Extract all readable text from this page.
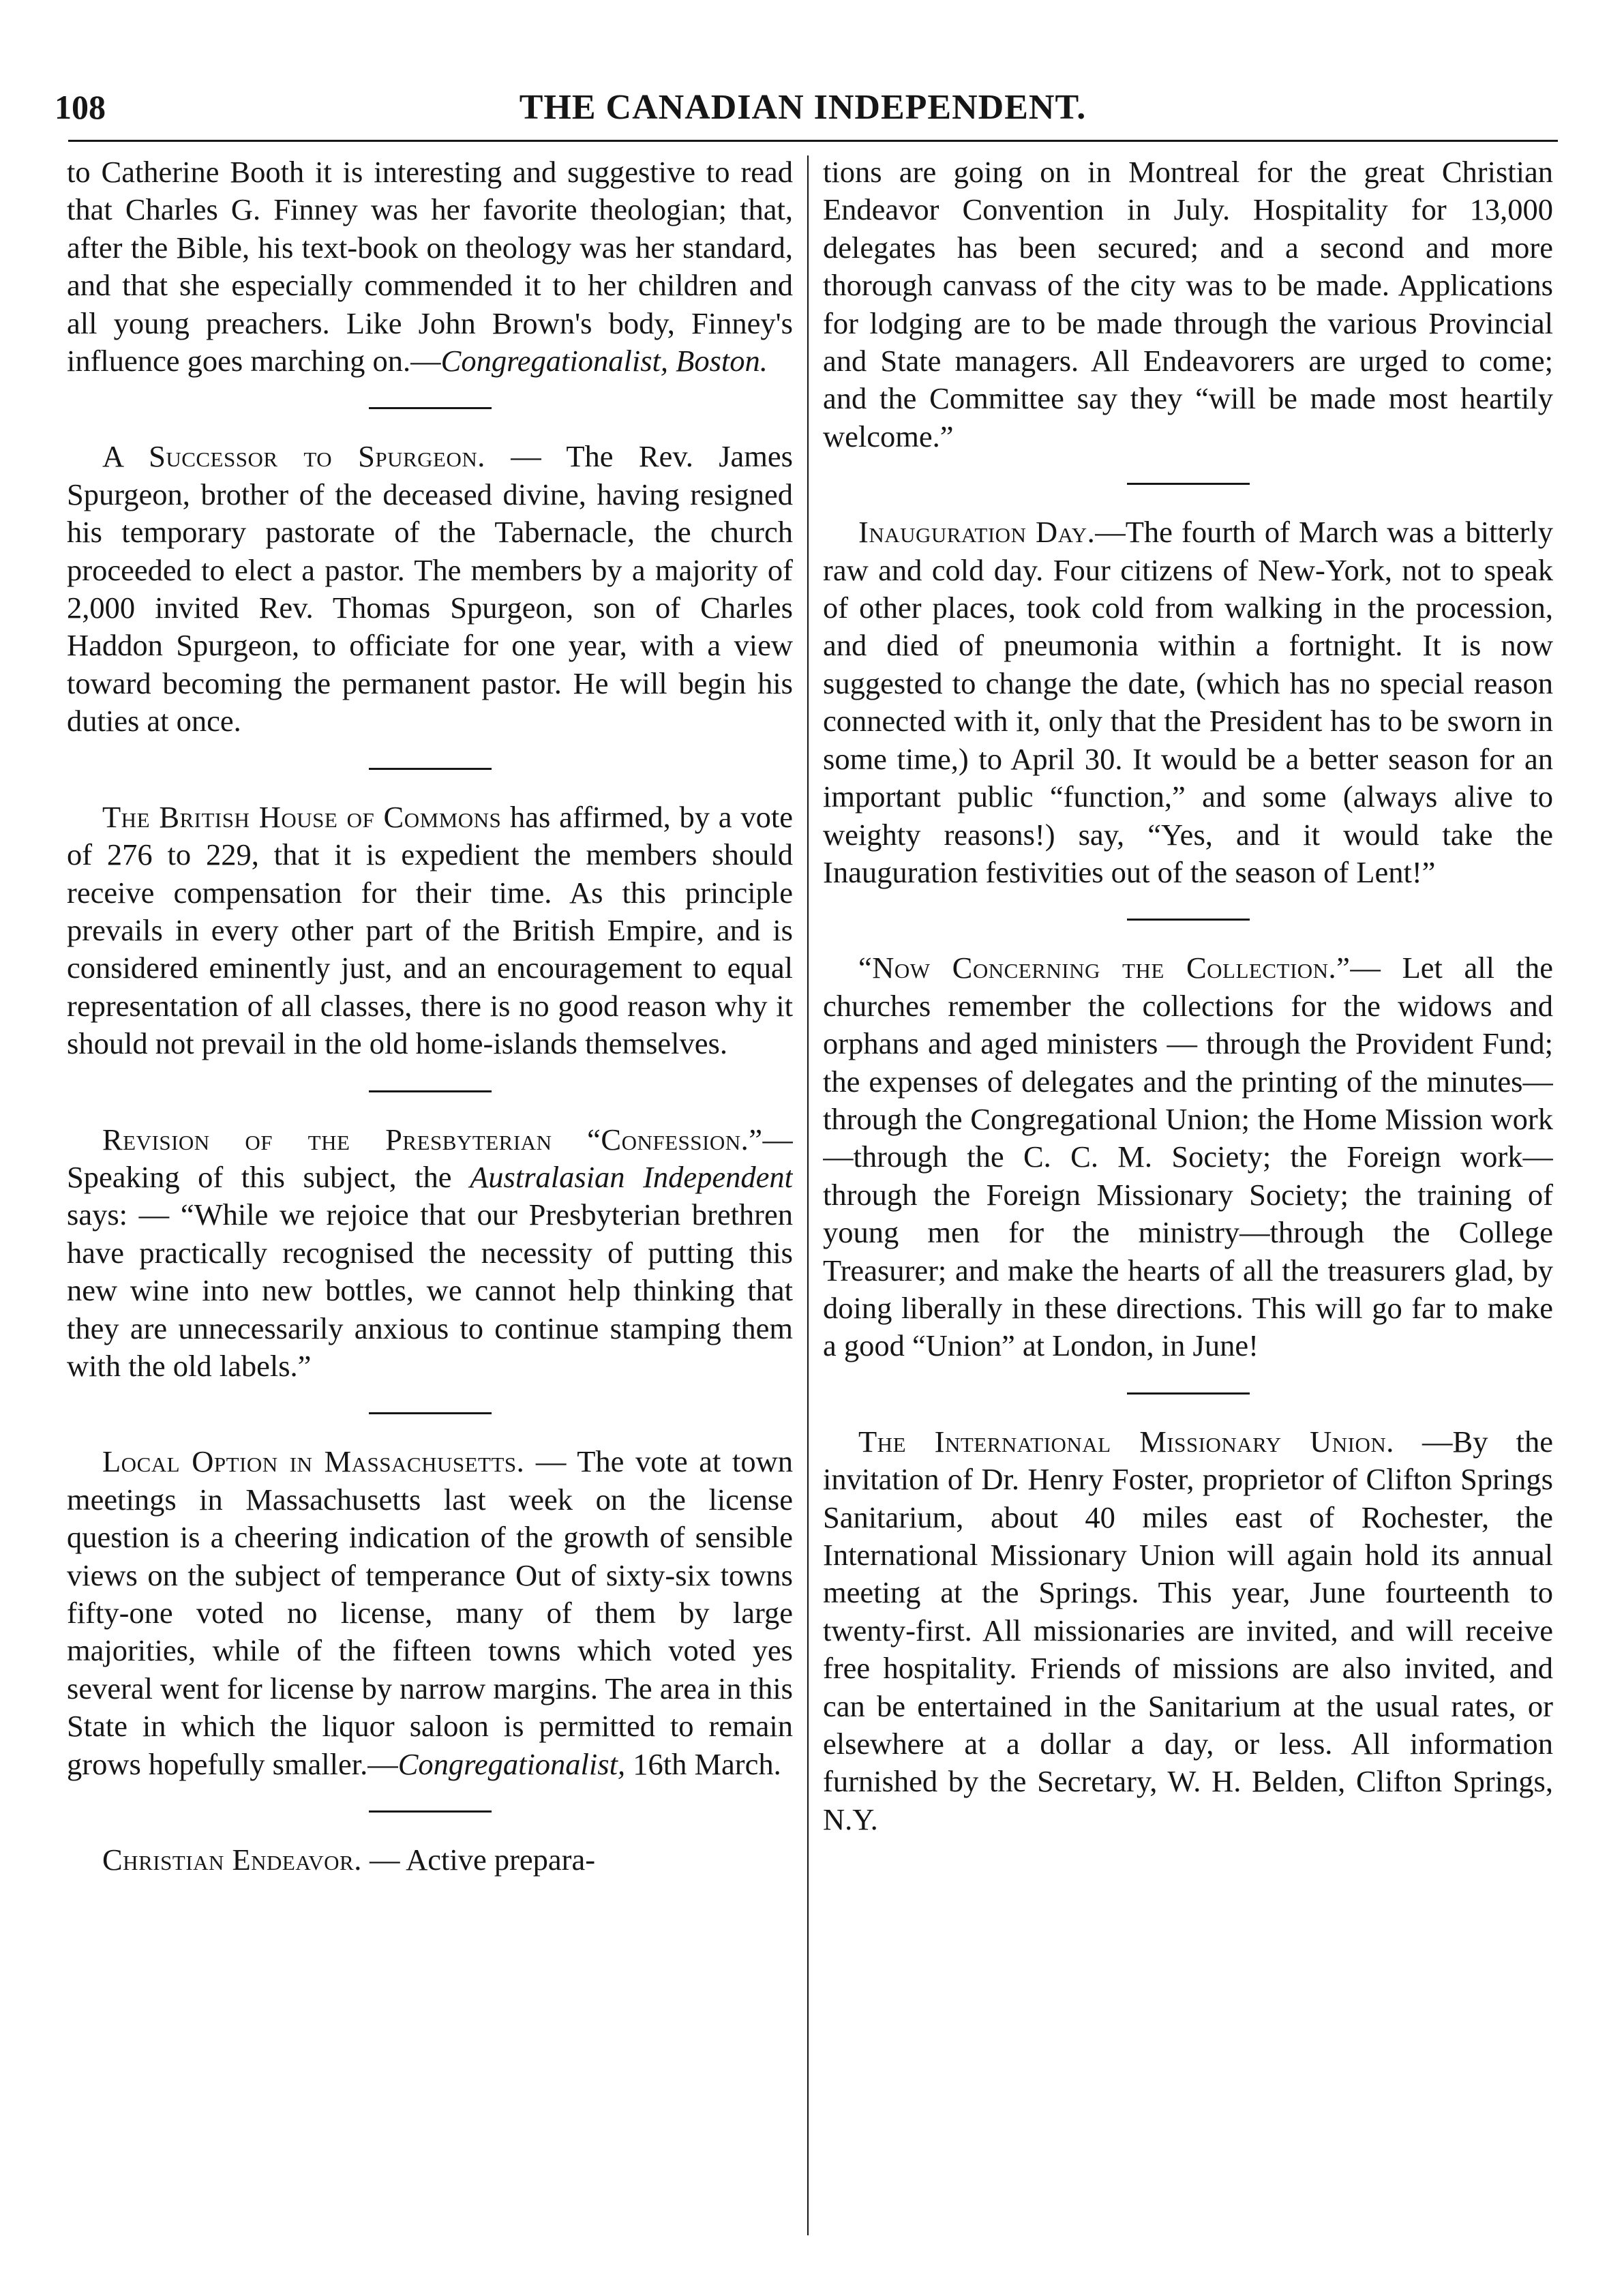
108	THE CANADIAN INDEPENDENT.

to Catherine Booth it is interesting and suggestive to read that Charles G. Finney was her favorite theologian; that, after the Bible, his text-book on theology was her standard, and that she especially commended it to her children and all young preachers. Like John Brown's body, Finney's influence goes marching on.—Congregationalist, Boston.

A Successor to Spurgeon. — The Rev. James Spurgeon, brother of the deceased divine, having resigned his temporary pastorate of the Tabernacle, the church proceeded to elect a pastor. The members by a majority of 2,000 invited Rev. Thomas Spurgeon, son of Charles Haddon Spurgeon, to officiate for one year, with a view toward becoming the permanent pastor. He will begin his duties at once.

The British House of Commons has affirmed, by a vote of 276 to 229, that it is expedient the members should receive compensation for their time. As this principle prevails in every other part of the British Empire, and is considered eminently just, and an encouragement to equal representation of all classes, there is no good reason why it should not prevail in the old home-islands themselves.

Revision of the Presbyterian “Confession.”—Speaking of this subject, the Australasian Independent says: — “While we rejoice that our Presbyterian brethren have practically recognised the necessity of putting this new wine into new bottles, we cannot help thinking that they are unnecessarily anxious to continue stamping them with the old labels.”

Local Option in Massachusetts. — The vote at town meetings in Massachusetts last week on the license question is a cheering indication of the growth of sensible views on the subject of temperance Out of sixty-six towns fifty-one voted no license, many of them by large majorities, while of the fifteen towns which voted yes several went for license by narrow margins. The area in this State in which the liquor saloon is permitted to remain grows hopefully smaller.—Congregationalist, 16th March.

Christian Endeavor. — Active prepara-

tions are going on in Montreal for the great Christian Endeavor Convention in July. Hospitality for 13,000 delegates has been secured; and a second and more thorough canvass of the city was to be made. Applications for lodging are to be made through the various Provincial and State managers. All Endeavorers are urged to come; and the Committee say they “will be made most heartily welcome.”

Inauguration Day.—The fourth of March was a bitterly raw and cold day. Four citizens of New-York, not to speak of other places, took cold from walking in the procession, and died of pneumonia within a fortnight. It is now suggested to change the date, (which has no special reason connected with it, only that the President has to be sworn in some time,) to April 30. It would be a better season for an important public “function,” and some (always alive to weighty reasons!) say, “Yes, and it would take the Inauguration festivities out of the season of Lent!”

“Now Concerning the Collection.”— Let all the churches remember the collections for the widows and orphans and aged ministers — through the Provident Fund; the expenses of delegates and the printing of the minutes—through the Congregational Union; the Home Mission work—through the C. C. M. Society; the Foreign work—through the Foreign Missionary Society; the training of young men for the ministry—through the College Treasurer; and make the hearts of all the treasurers glad, by doing liberally in these directions. This will go far to make a good “Union” at London, in June!

The International Missionary Union. —By the invitation of Dr. Henry Foster, proprietor of Clifton Springs Sanitarium, about 40 miles east of Rochester, the International Missionary Union will again hold its annual meeting at the Springs. This year, June fourteenth to twenty-first. All missionaries are invited, and will receive free hospitality. Friends of missions are also invited, and can be entertained in the Sanitarium at the usual rates, or elsewhere at a dollar a day, or less. All information furnished by the Secretary, W. H. Belden, Clifton Springs, N.Y.
